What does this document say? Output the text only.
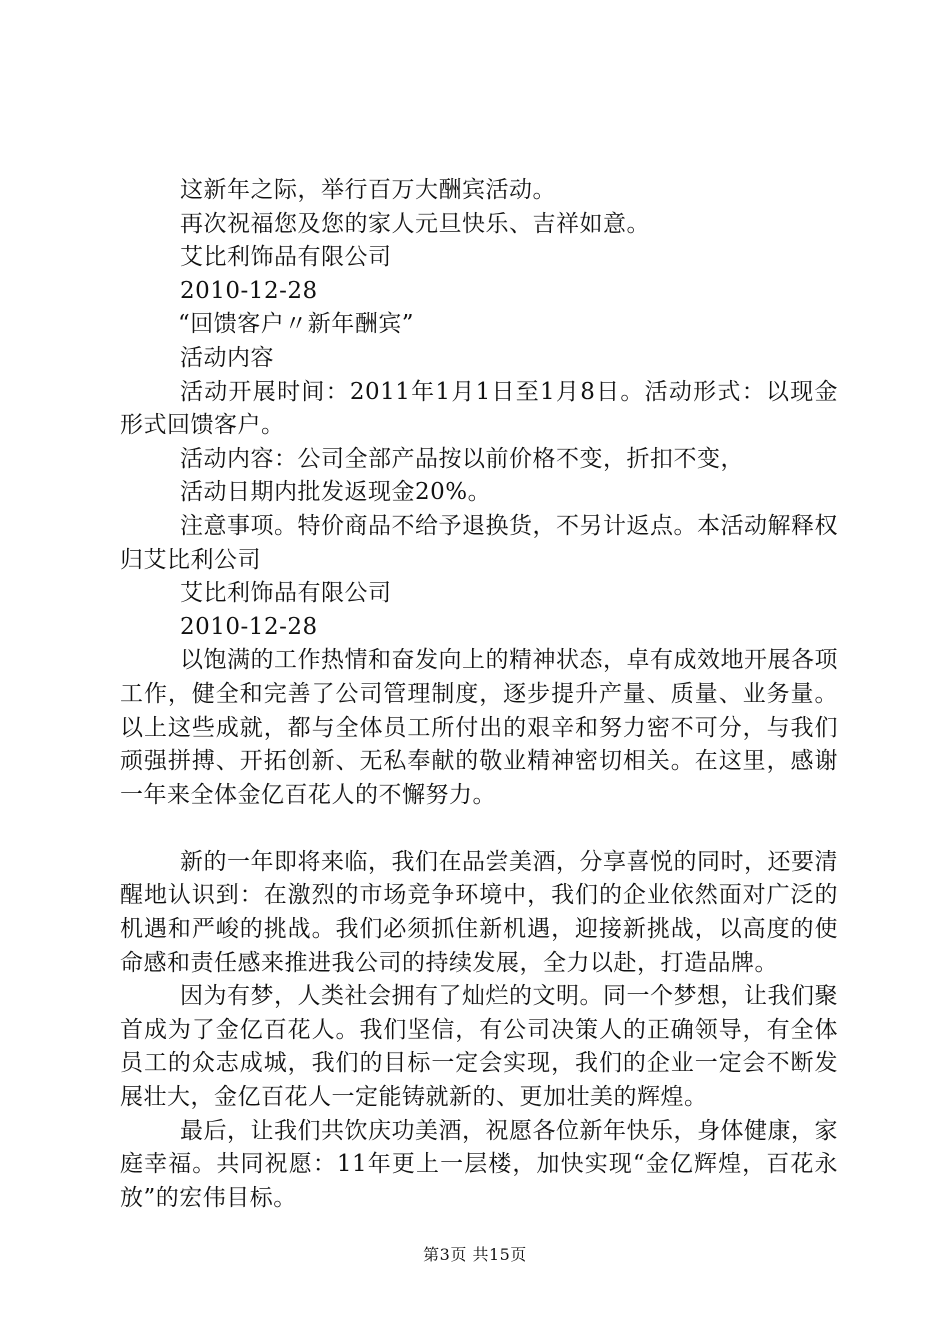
这新年之际，举行百万大酬宾活动。

再次祝福您及您的家人元旦快乐、吉祥如意。

艾比利饰品有限公司

2010-12-28

“回馈客户〃新年酬宾”

活动内容

活动开展时间：2011年1月1日至1月8日。活动形式：以现金形式回馈客户。

活动内容：公司全部产品按以前价格不变，折扣不变，

活动日期内批发返现金20%。

注意事项。特价商品不给予退换货，不另计返点。本活动解释权归艾比利公司

艾比利饰品有限公司

2010-12-28

以饱满的工作热情和奋发向上的精神状态，卓有成效地开展各项工作，健全和完善了公司管理制度，逐步提升产量、质量、业务量。以上这些成就，都与全体员工所付出的艰辛和努力密不可分，与我们顽强拼搏、开拓创新、无私奉献的敬业精神密切相关。在这里，感谢一年来全体金亿百花人的不懈努力。

新的一年即将来临，我们在品尝美酒，分享喜悦的同时，还要清醒地认识到：在激烈的市场竞争环境中，我们的企业依然面对广泛的机遇和严峻的挑战。我们必须抓住新机遇，迎接新挑战，以高度的使命感和责任感来推进我公司的持续发展，全力以赴，打造品牌。

因为有梦，人类社会拥有了灿烂的文明。同一个梦想，让我们聚首成为了金亿百花人。我们坚信，有公司决策人的正确领导，有全体员工的众志成城，我们的目标一定会实现，我们的企业一定会不断发展壮大，金亿百花人一定能铸就新的、更加壮美的辉煌。

最后，让我们共饮庆功美酒，祝愿各位新年快乐，身体健康，家庭幸福。共同祝愿：11年更上一层楼，加快实现“金亿辉煌，百花永放”的宏伟目标。

第3页 共15页
